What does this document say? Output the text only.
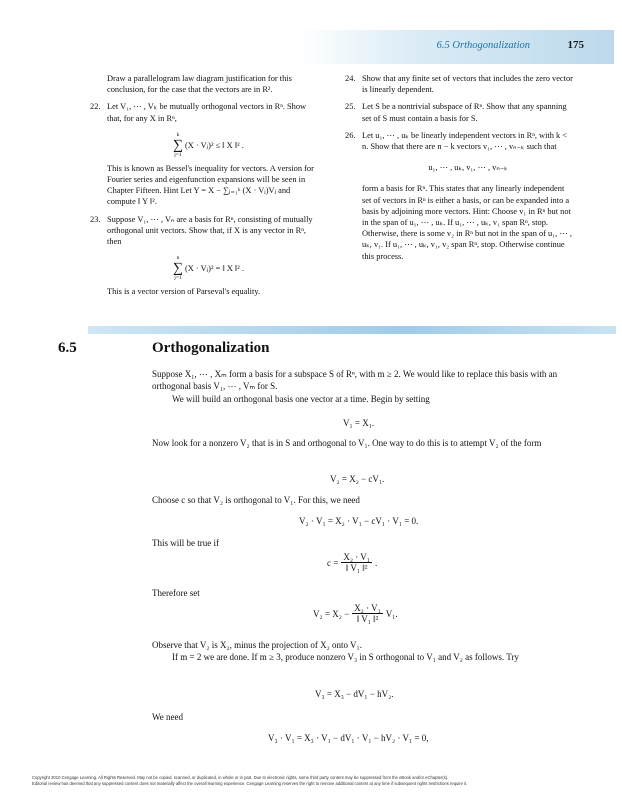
6.5 Orthogonalization	175

Draw a parallelogram law diagram justification for this conclusion, for the case that the vectors are in R².

22. Let V₁, ⋯ , Vₖ be mutually orthogonal vectors in Rⁿ. Show that, for any X in Rⁿ,

k
∑
j=1
(X · Vⱼ)² ≤ ‖ X ‖² .

This is known as Bessel's inequality for vectors. A version for Fourier series and eigenfunction expansions will be seen in Chapter Fifteen. Hint Let Y = X − ∑ⱼ₌₁ᵏ (X · Vⱼ)Vⱼ and compute ‖ Y ‖².

23. Suppose V₁, ⋯ , Vₙ are a basis for Rⁿ, consisting of mutually orthogonal unit vectors. Show that, if X is any vector in Rⁿ, then

n
∑
j=1
(X · Vⱼ)² = ‖ X ‖² .

This is a vector version of Parseval's equality.

24. Show that any finite set of vectors that includes the zero vector is linearly dependent.

25. Let S be a nontrivial subspace of Rⁿ. Show that any spanning set of S must contain a basis for S.

26. Let u₁, ⋯ , uₖ be linearly independent vectors in Rⁿ, with k < n. Show that there are n − k vectors v₁, ⋯ , vₙ₋ₖ such that

u₁, ⋯ , uₖ, v₁, ⋯ , vₙ₋ₖ

form a basis for Rⁿ. This states that any linearly independent set of vectors in Rⁿ is either a basis, or can be expanded into a basis by adjoining more vectors. Hint: Choose v₁ in Rⁿ but not in the span of u₁, ⋯ , uₖ. If u₁, ⋯ , uₖ, v₁ span Rⁿ, stop. Otherwise, there is some v₂ in Rⁿ but not in the span of u₁, ⋯ , uₖ, v₁. If u₁, ⋯ , uₖ, v₁, v₂ span Rⁿ, stop. Otherwise continue this process.

6.5	Orthogonalization

Suppose X₁, ⋯ , Xₘ form a basis for a subspace S of Rⁿ, with m ≥ 2. We would like to replace this basis with an orthogonal basis V₁, ⋯ , Vₘ for S.

We will build an orthogonal basis one vector at a time. Begin by setting

V₁ = X₁.

Now look for a nonzero V₂ that is in S and orthogonal to V₁. One way to do this is to attempt V₂ of the form

V₂ = X₂ − cV₁.

Choose c so that V₂ is orthogonal to V₁. For this, we need

V₂ · V₁ = X₂ · V₁ − cV₁ · V₁ = 0.

This will be true if

$c = \frac{\text{X₂ · V₁}}{\text{‖ V₁ ‖²}}$ .

Therefore set

$V_2 = X_2 - \frac{\text{X₂ · V₁}}{\text{‖ V₁ ‖²}} V_1$.

Observe that V₂ is X₂, minus the projection of X₂ onto V₁.

If m = 2 we are done. If m ≥ 3, produce nonzero V₃ in S orthogonal to V₁ and V₂ as follows. Try

V₃ = X₃ − dV₁ − hV₂.

We need

V₃ · V₁ = X₃ · V₁ − dV₁ · V₁ − hV₂ · V₁ = 0,
Copyright 2010 Cengage Learning. All Rights Reserved. May not be copied, scanned, or duplicated, in whole or in part. Due to electronic rights, some third party content may be suppressed from the eBook and/or eChapter(s).
Editorial review has deemed that any suppressed content does not materially affect the overall learning experience. Cengage Learning reserves the right to remove additional content at any time if subsequent rights restrictions require it.
